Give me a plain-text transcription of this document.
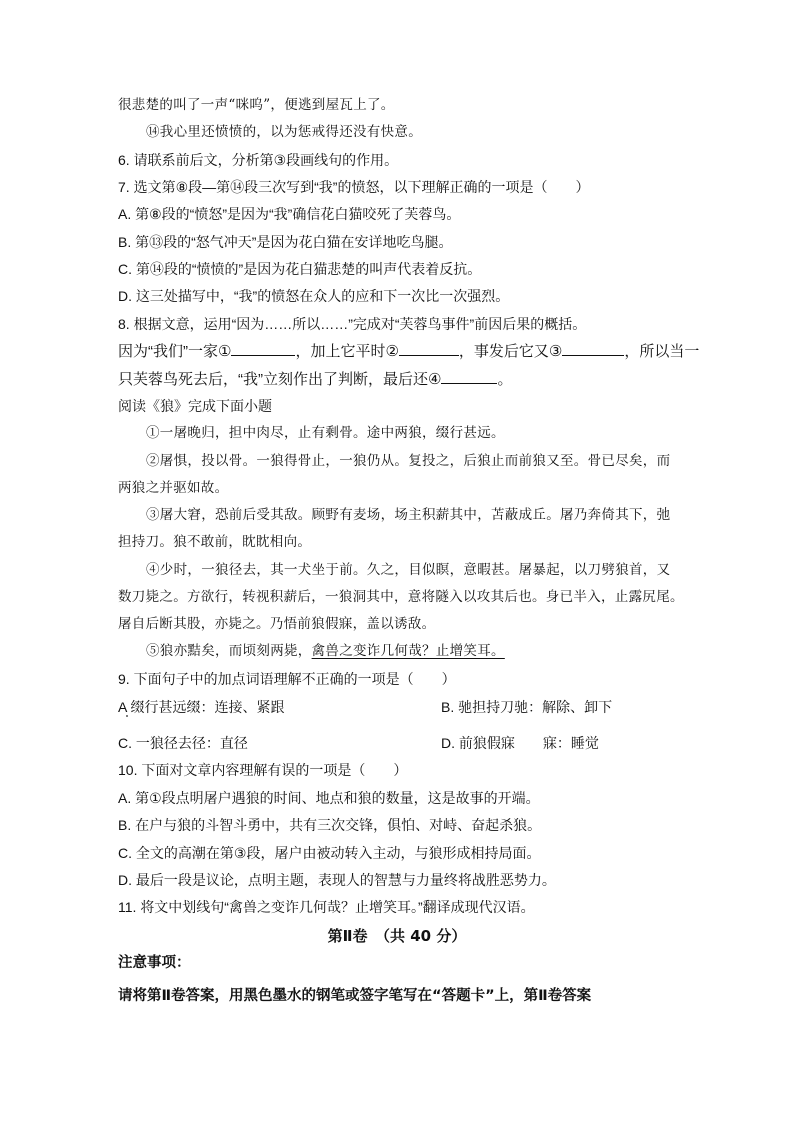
很悲楚的叫了一声“咪呜”，便逃到屋瓦上了。
⑭我心里还愤愤的，以为惩戒得还没有快意。
6. 请联系前后文，分析第③段画线句的作用。
7. 选文第⑧段—第⑭段三次写到“我”的愤怒，以下理解正确的一项是（　　）
A. 第⑧段的“愤怒”是因为“我”确信花白猫咬死了芙蓉鸟。
B. 第⑬段的“怒气冲天”是因为花白猫在安详地吃鸟腿。
C. 第⑭段的“愤愤的”是因为花白猫悲楚的叫声代表着反抗。
D. 这三处描写中，“我”的愤怒在众人的应和下一次比一次强烈。
8. 根据文意，运用“因为……所以……”完成对“芙蓉鸟事件”前因后果的概括。
因为“我们”一家①	，加上它平时②	，事发后它又③	，所以当一
只芙蓉鸟死去后，“我”立刻作出了判断，最后还④	。
阅读《狼》完成下面小题
①一屠晚归，担中肉尽，止有剩骨。途中两狼，缀行甚远。
②屠惧，投以骨。一狼得骨止，一狼仍从。复投之，后狼止而前狼又至。骨已尽矣，而
两狼之并驱如故。
③屠大窘，恐前后受其敌。顾野有麦场，场主积薪其中，苫蔽成丘。屠乃奔倚其下，弛
担持刀。狼不敢前，眈眈相向。
④少时，一狼径去，其一犬坐于前。久之，目似瞑，意暇甚。屠暴起，以刀劈狼首，又
数刀毙之。方欲行，转视积薪后，一狼洞其中，意将隧入以攻其后也。身已半入，止露尻尾。
屠自后断其股，亦毙之。乃悟前狼假寐，盖以诱敌。
⑤狼亦黠矣，而顷刻两毙，禽兽之变诈几何哉？止增笑耳。
9. 下面句子中的加点词语理解不正确的一项是（　　）
A 缀行甚远缀：连接、紧跟	B. 驰担持刀驰：解除、卸下
C. 一狼径去径：直径	D. 前狼假寐　　寐：睡觉
10. 下面对文章内容理解有误的一项是（　　）
A. 第①段点明屠户遇狼的时间、地点和狼的数量，这是故事的开端。
B. 在户与狼的斗智斗勇中，共有三次交锋，俱怕、对峙、奋起杀狼。
C. 全文的高潮在第③段，屠户由被动转入主动，与狼形成相持局面。
D. 最后一段是议论，点明主题，表现人的智慧与力量终将战胜恶势力。
11. 将文中划线句“禽兽之变诈几何哉？止增笑耳。”翻译成现代汉语。
第Ⅱ卷　（共 40 分）
注意事项：
请将第Ⅱ卷答案，用黑色墨水的钢笔或签字笔写在“答题卡”上，第Ⅱ卷答案
